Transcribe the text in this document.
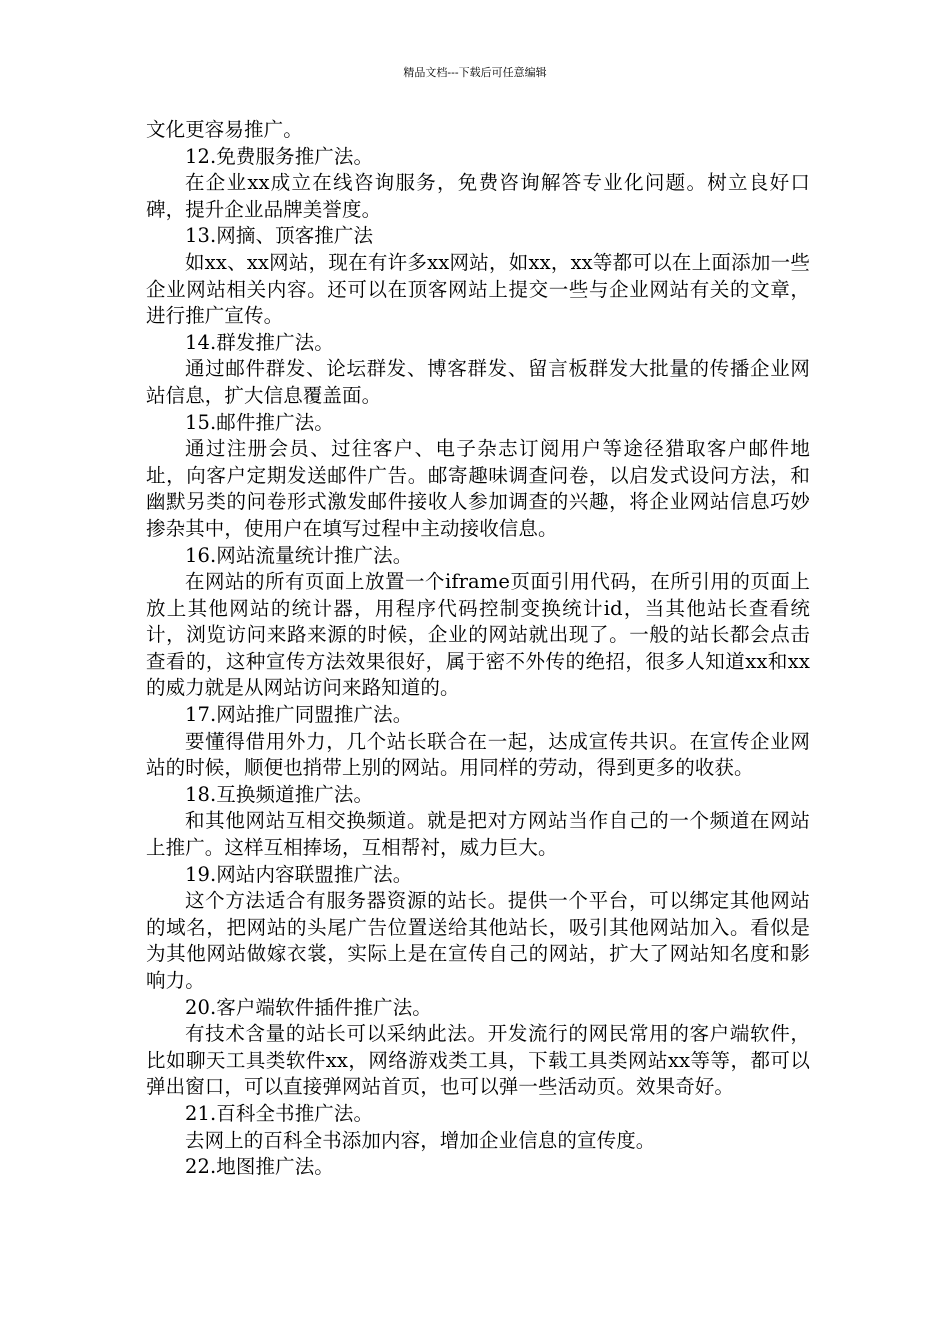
精品文档---下载后可任意编辑

文化更容易推广。

12.免费服务推广法。

在企业xx成立在线咨询服务，免费咨询解答专业化问题。树立良好口碑，提升企业品牌美誉度。

13.网摘、顶客推广法

如xx、xx网站，现在有许多xx网站，如xx，xx等都可以在上面添加一些企业网站相关内容。还可以在顶客网站上提交一些与企业网站有关的文章，进行推广宣传。

14.群发推广法。

通过邮件群发、论坛群发、博客群发、留言板群发大批量的传播企业网站信息，扩大信息覆盖面。

15.邮件推广法。

通过注册会员、过往客户、电子杂志订阅用户等途径猎取客户邮件地址，向客户定期发送邮件广告。邮寄趣味调查问卷，以启发式设问方法，和幽默另类的问卷形式激发邮件接收人参加调查的兴趣，将企业网站信息巧妙掺杂其中，使用户在填写过程中主动接收信息。

16.网站流量统计推广法。

在网站的所有页面上放置一个iframe页面引用代码，在所引用的页面上放上其他网站的统计器，用程序代码控制变换统计id，当其他站长查看统计，浏览访问来路来源的时候，企业的网站就出现了。一般的站长都会点击查看的，这种宣传方法效果很好，属于密不外传的绝招，很多人知道xx和xx的威力就是从网站访问来路知道的。

17.网站推广同盟推广法。

要懂得借用外力，几个站长联合在一起，达成宣传共识。在宣传企业网站的时候，顺便也捎带上别的网站。用同样的劳动，得到更多的收获。

18.互换频道推广法。

和其他网站互相交换频道。就是把对方网站当作自己的一个频道在网站上推广。这样互相捧场，互相帮衬，威力巨大。

19.网站内容联盟推广法。

这个方法适合有服务器资源的站长。提供一个平台，可以绑定其他网站的域名，把网站的头尾广告位置送给其他站长，吸引其他网站加入。看似是为其他网站做嫁衣裳，实际上是在宣传自己的网站，扩大了网站知名度和影响力。

20.客户端软件插件推广法。

有技术含量的站长可以采纳此法。开发流行的网民常用的客户端软件，比如聊天工具类软件xx，网络游戏类工具，下载工具类网站xx等等，都可以弹出窗口，可以直接弹网站首页，也可以弹一些活动页。效果奇好。

21.百科全书推广法。

去网上的百科全书添加内容，增加企业信息的宣传度。

22.地图推广法。
